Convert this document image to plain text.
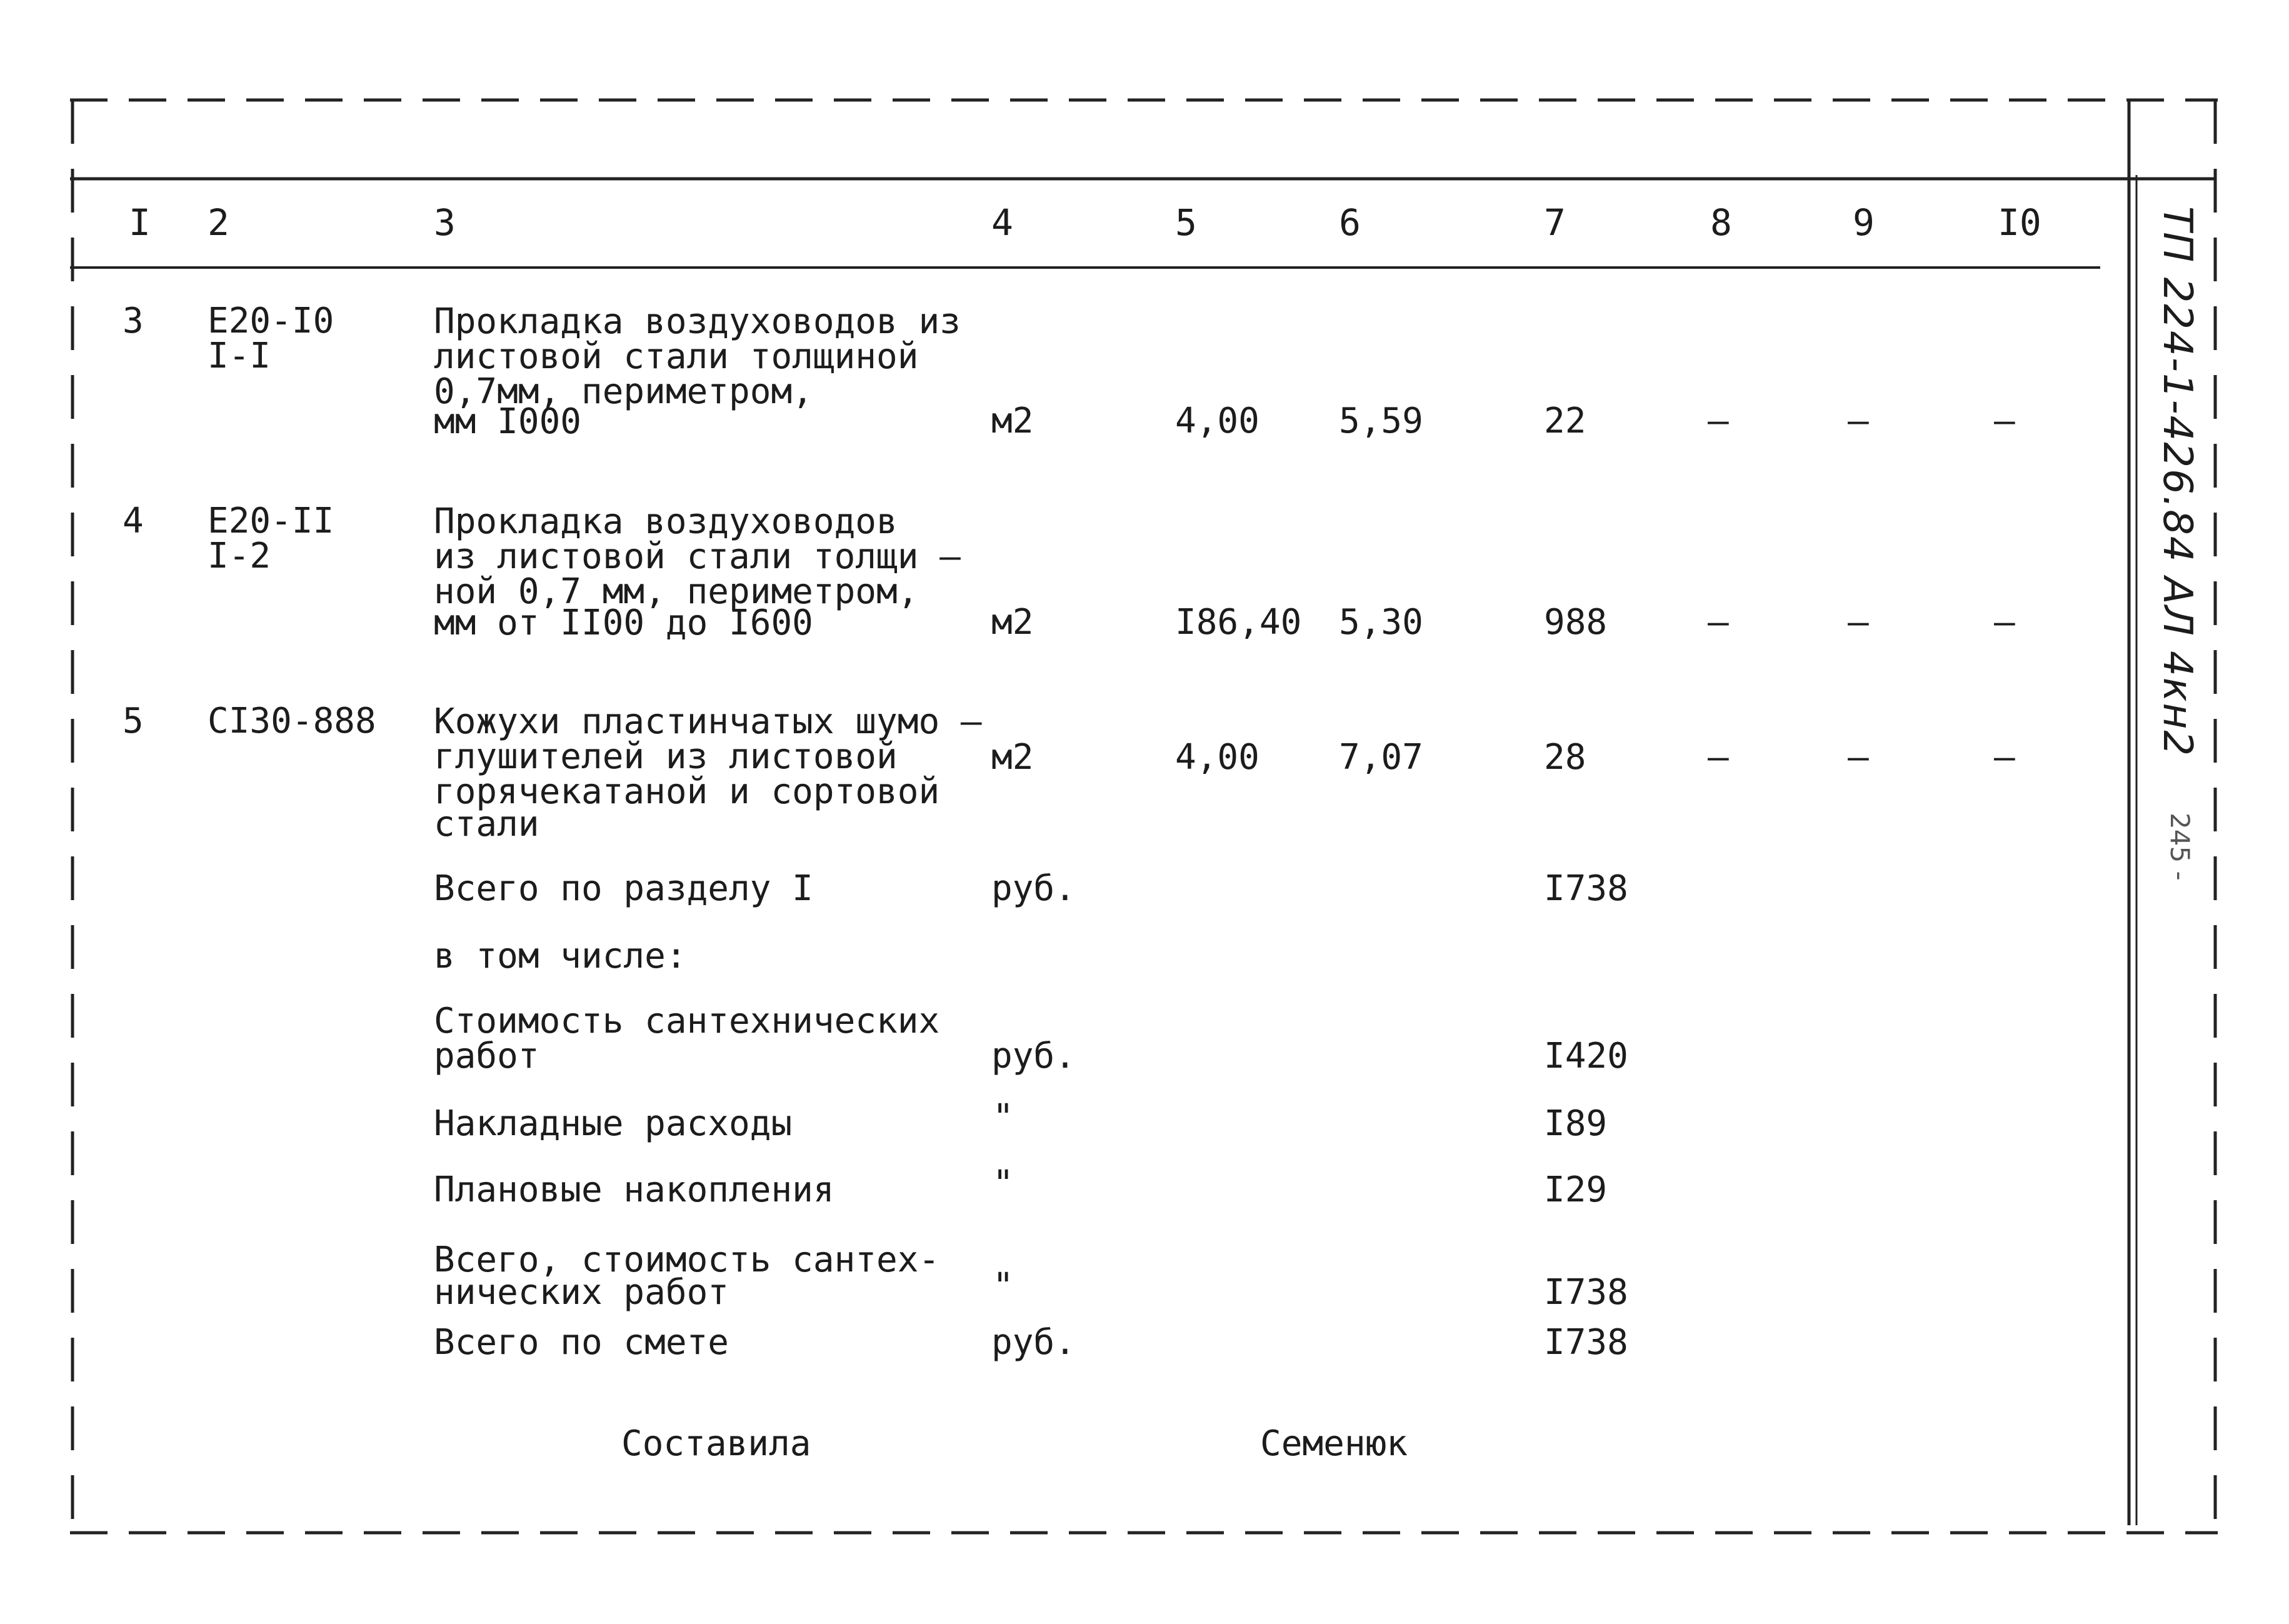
I 2	3	4	5	6	7	8	9	I0
3 E20-I0
I-I
Прокладка воздуховодов из
листовой стали толщиной
0,7мм, периметром,
мм I000	м2	4,00 5,59	22	–	–	–
4 E20-II
I-2
Прокладка воздуховодов
из листовой стали толщи –
ной 0,7 мм, периметром,
мм от II00 до I600	м2	I86,40 5,30	988	–	–	–
5 CI30-888 Кожухи пластинчатых шумо –
глушителей из листовой
горячекатаной и сортовой
стали
м2	4,00 7,07	28	–	–	–
Всего по разделу I	руб.	I738
в том числе:
Стоимость сантехнических
работ	руб.	I420
Накладные расходы	"	I89
Плановые накопления	"	I29
Всего, стоимость сантех-
нических работ	"	I738
Всего по смете	руб.	I738
Составила	Семенюк
ТП 224-1-426.84 АЛ 4кн2
245 -
